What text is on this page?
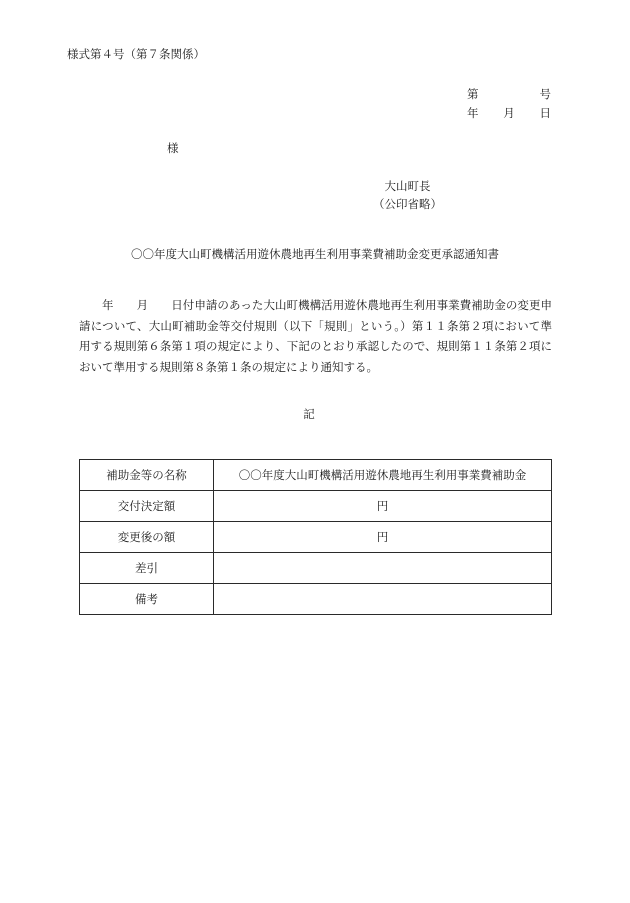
様式第４号（第７条関係）
第	号
年 月 日
様
大山町長
（公印省略）
〇〇年度大山町機構活用遊休農地再生利用事業費補助金変更承認通知書
年 月 日付申請のあった大山町機構活用遊休農地再生利用事業費補助金の変更申請について、大山町補助金等交付規則（以下「規則」という。）第１１条第２項において準用する規則第６条第１項の規定により、下記のとおり承認したので、規則第１１条第２項において準用する規則第８条第１条の規定により通知する。
記
補助金等の名称	〇〇年度大山町機構活用遊休農地再生利用事業費補助金
交付決定額	円
変更後の額	円
差引	
備考	
